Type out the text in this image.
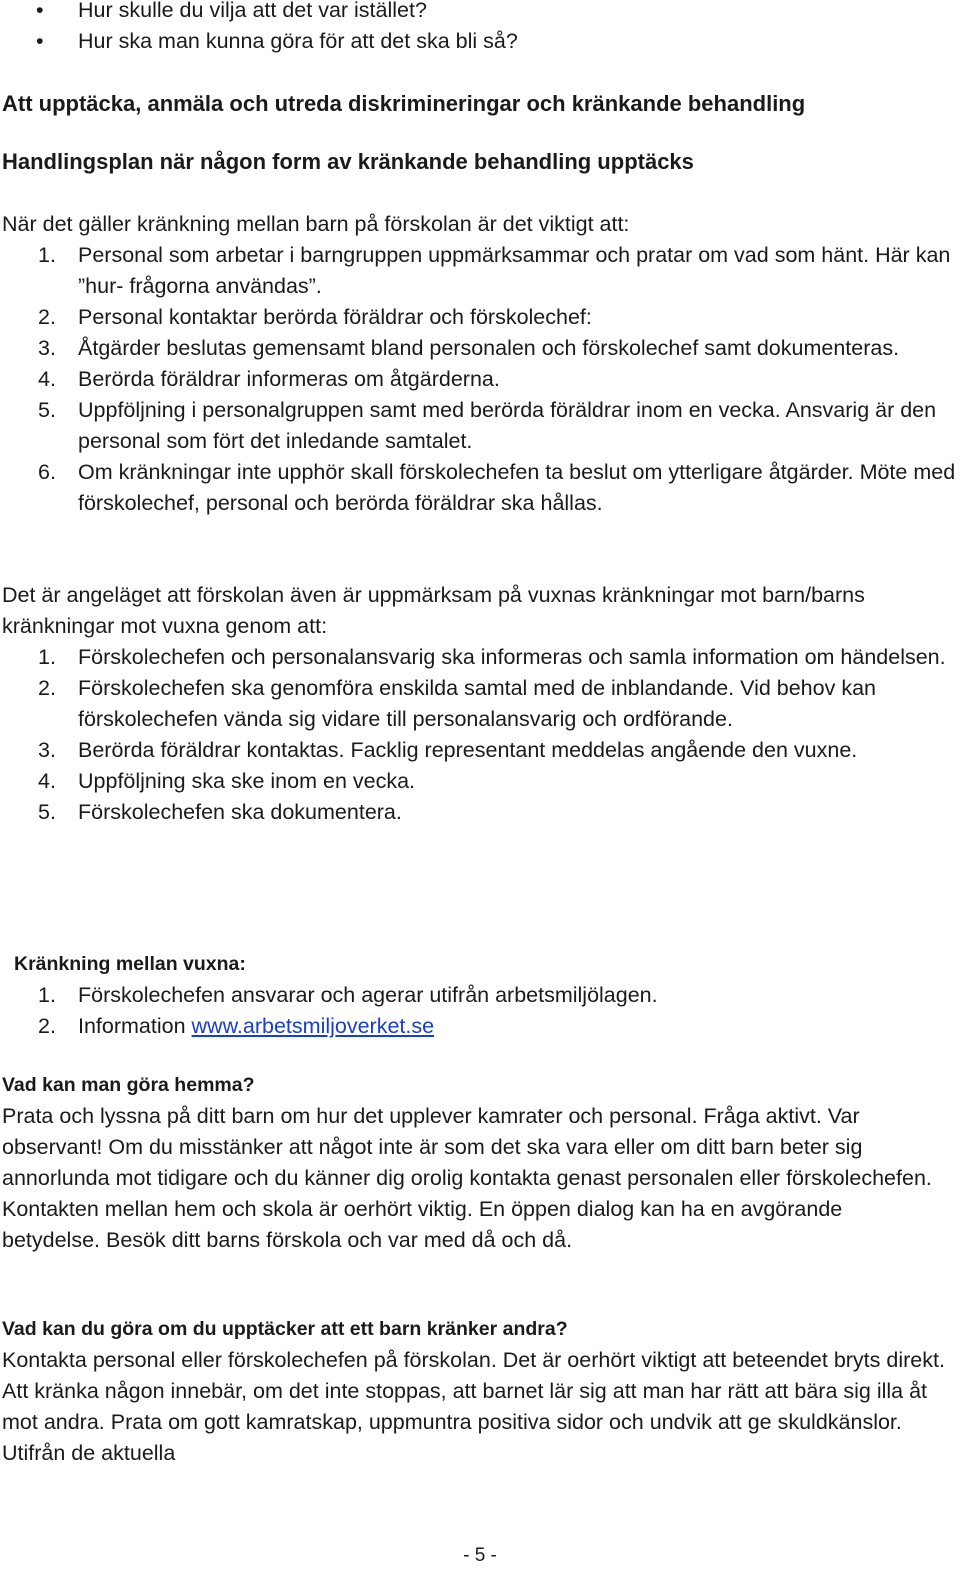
• Hur skulle du vilja att det var istället?
• Hur ska man kunna göra för att det ska bli så?

Att upptäcka, anmäla och utreda diskrimineringar och kränkande behandling

Handlingsplan när någon form av kränkande behandling upptäcks

När det gäller kränkning mellan barn på förskolan är det viktigt att:

1. Personal som arbetar i barngruppen uppmärksammar och pratar om vad som hänt. Här kan ”hur- frågorna användas”.
2. Personal kontaktar berörda föräldrar och förskolechef:
3. Åtgärder beslutas gemensamt bland personalen och förskolechef samt dokumenteras.
4. Berörda föräldrar informeras om åtgärderna.
5. Uppföljning i personalgruppen samt med berörda föräldrar inom en vecka. Ansvarig är den personal som fört det inledande samtalet.
6. Om kränkningar inte upphör skall förskolechefen ta beslut om ytterligare åtgärder. Möte med förskolechef, personal och berörda föräldrar ska hållas.

Det är angeläget att förskolan även är uppmärksam på vuxnas kränkningar mot barn/barns kränkningar mot vuxna genom att:

1. Förskolechefen och personalansvarig ska informeras och samla information om händelsen.
2. Förskolechefen ska genomföra enskilda samtal med de inblandande. Vid behov kan förskolechefen vända sig vidare till personalansvarig och ordförande.
3. Berörda föräldrar kontaktas. Facklig representant meddelas angående den vuxne.
4. Uppföljning ska ske inom en vecka.
5. Förskolechefen ska dokumentera.

Kränkning mellan vuxna:

1. Förskolechefen ansvarar och agerar utifrån arbetsmiljölagen.
2. Information www.arbetsmiljoverket.se

Vad kan man göra hemma?

Prata och lyssna på ditt barn om hur det upplever kamrater och personal. Fråga aktivt. Var observant! Om du misstänker att något inte är som det ska vara eller om ditt barn beter sig annorlunda mot tidigare och du känner dig orolig kontakta genast personalen eller förskolechefen. Kontakten mellan hem och skola är oerhört viktig. En öppen dialog kan ha en avgörande betydelse. Besök ditt barns förskola och var med då och då.

Vad kan du göra om du upptäcker att ett barn kränker andra?

Kontakta personal eller förskolechefen på förskolan. Det är oerhört viktigt att beteendet bryts direkt. Att kränka någon innebär, om det inte stoppas, att barnet lär sig att man har rätt att bära sig illa åt mot andra. Prata om gott kamratskap, uppmuntra positiva sidor och undvik att ge skuldkänslor. Utifrån de aktuella

- 5 -
